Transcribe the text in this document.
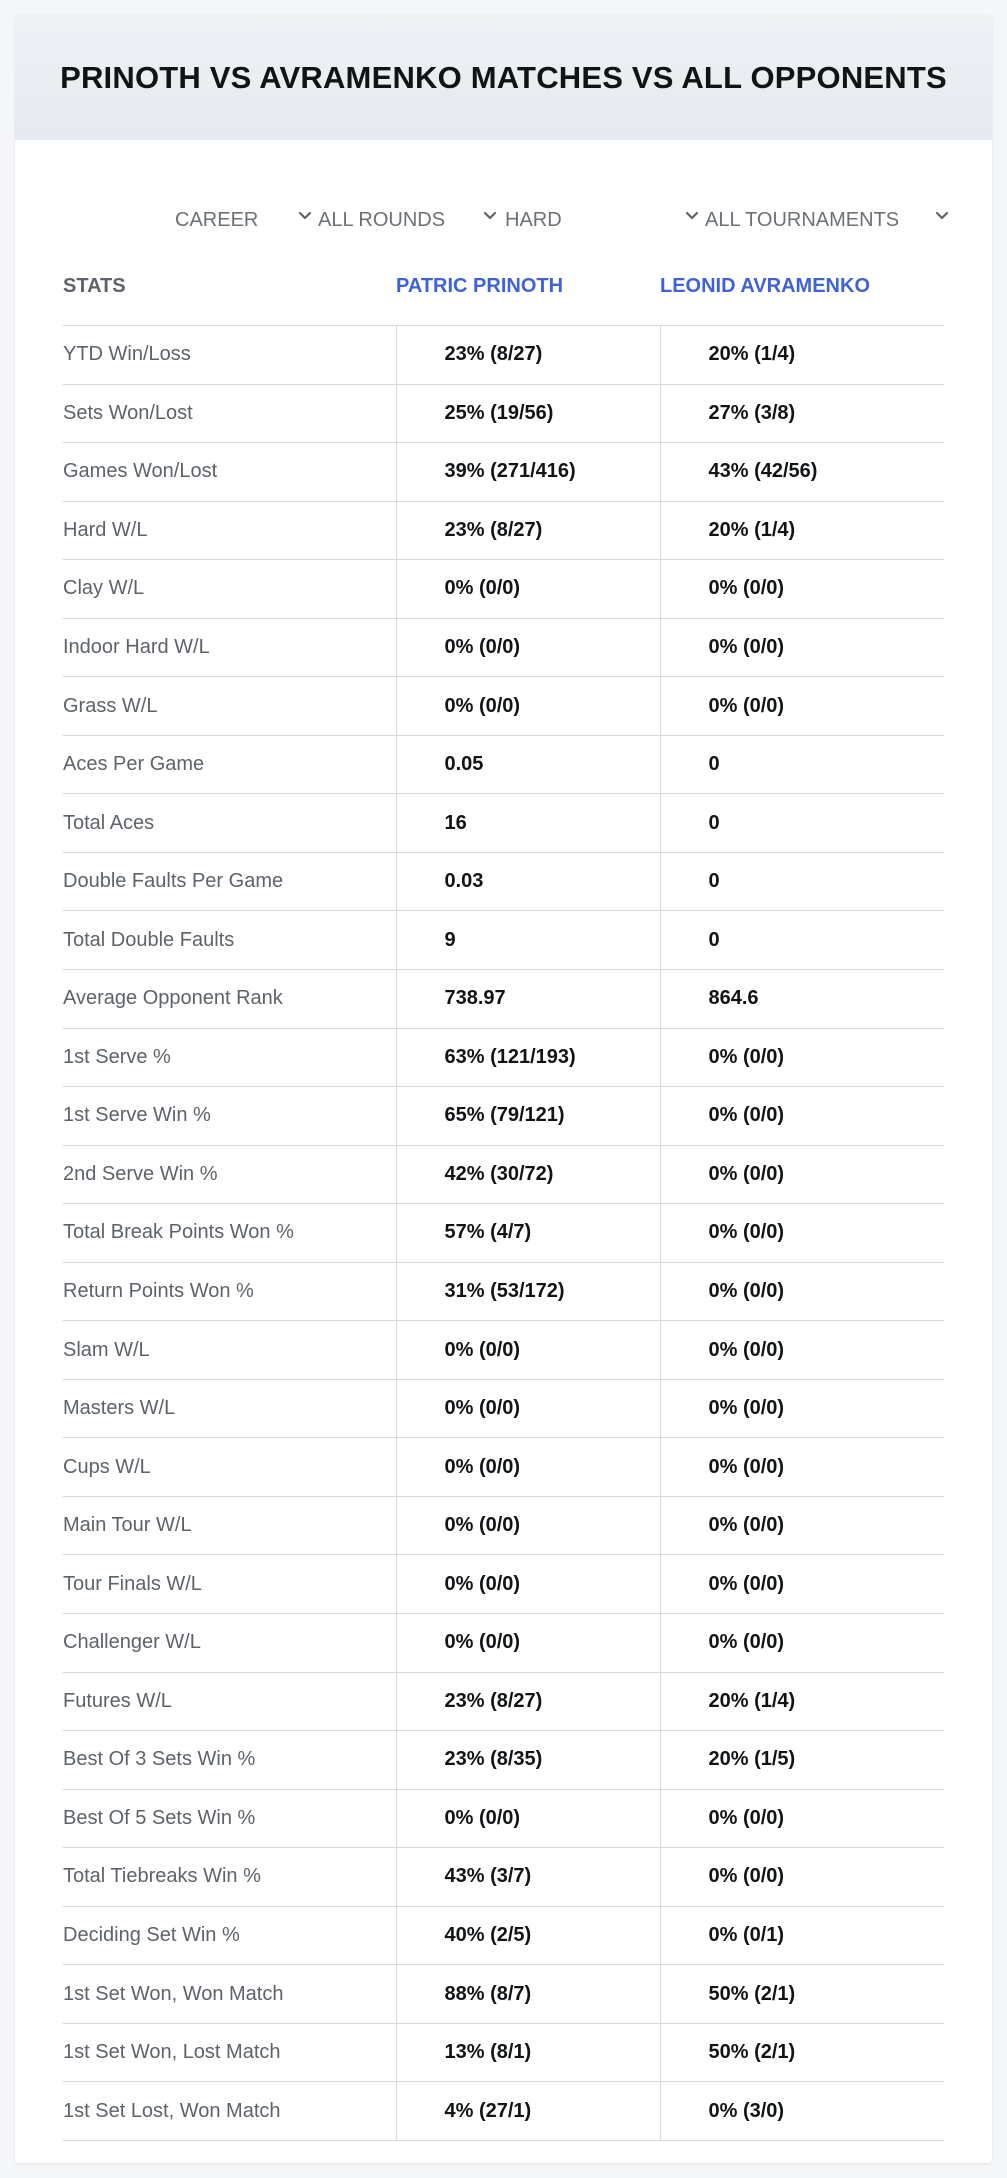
PRINOTH VS AVRAMENKO MATCHES VS ALL OPPONENTS
CAREER	ALL ROUNDS	HARD	ALL TOURNAMENTS
STATS	PATRIC PRINOTH	LEONID AVRAMENKO
YTD Win/Loss	23% (8/27)	20% (1/4)
Sets Won/Lost	25% (19/56)	27% (3/8)
Games Won/Lost	39% (271/416)	43% (42/56)
Hard W/L	23% (8/27)	20% (1/4)
Clay W/L	0% (0/0)	0% (0/0)
Indoor Hard W/L	0% (0/0)	0% (0/0)
Grass W/L	0% (0/0)	0% (0/0)
Aces Per Game	0.05	0
Total Aces	16	0
Double Faults Per Game	0.03	0
Total Double Faults	9	0
Average Opponent Rank	738.97	864.6
1st Serve %	63% (121/193)	0% (0/0)
1st Serve Win %	65% (79/121)	0% (0/0)
2nd Serve Win %	42% (30/72)	0% (0/0)
Total Break Points Won %	57% (4/7)	0% (0/0)
Return Points Won %	31% (53/172)	0% (0/0)
Slam W/L	0% (0/0)	0% (0/0)
Masters W/L	0% (0/0)	0% (0/0)
Cups W/L	0% (0/0)	0% (0/0)
Main Tour W/L	0% (0/0)	0% (0/0)
Tour Finals W/L	0% (0/0)	0% (0/0)
Challenger W/L	0% (0/0)	0% (0/0)
Futures W/L	23% (8/27)	20% (1/4)
Best Of 3 Sets Win %	23% (8/35)	20% (1/5)
Best Of 5 Sets Win %	0% (0/0)	0% (0/0)
Total Tiebreaks Win %	43% (3/7)	0% (0/0)
Deciding Set Win %	40% (2/5)	0% (0/1)
1st Set Won, Won Match	88% (8/7)	50% (2/1)
1st Set Won, Lost Match	13% (8/1)	50% (2/1)
1st Set Lost, Won Match	4% (27/1)	0% (3/0)
